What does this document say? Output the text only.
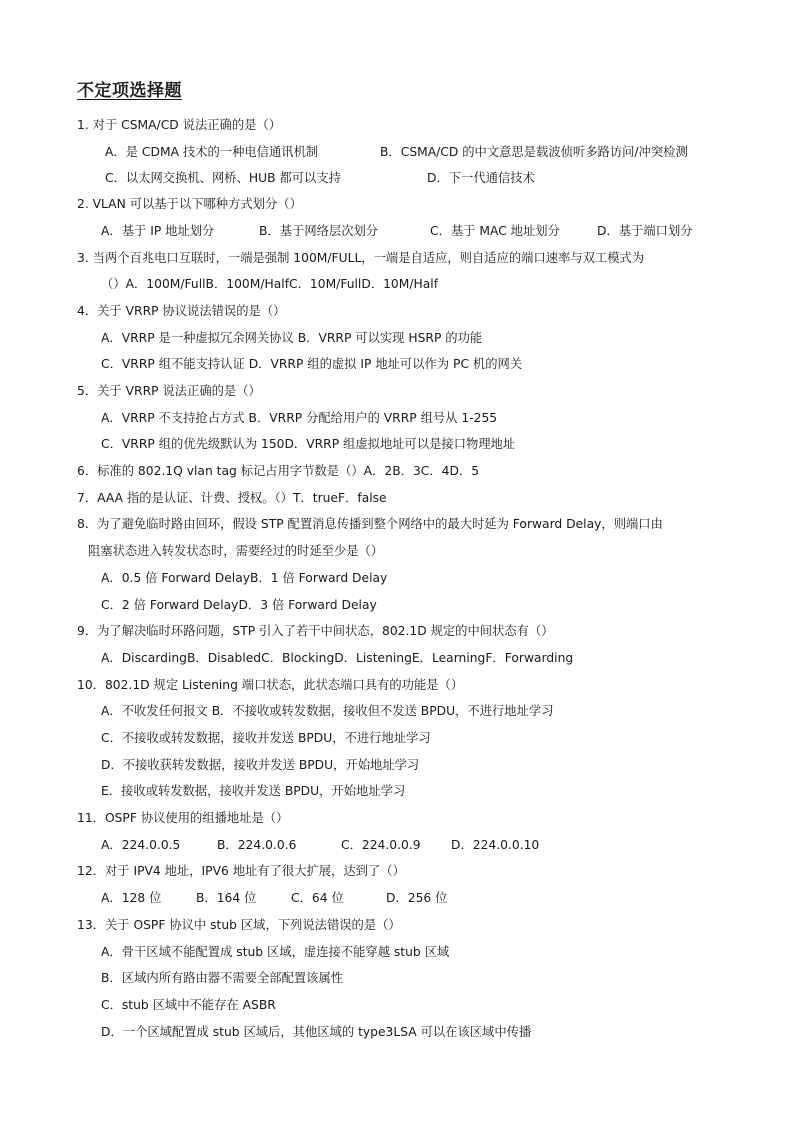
不定项选择题
1. 对于 CSMA/CD 说法正确的是（）
A．是 CDMA 技术的一种电信通讯机制	B．CSMA/CD 的中文意思是载波侦听多路访问/冲突检测
C．以太网交换机、网桥、HUB 都可以支持	D．下一代通信技术
2. VLAN 可以基于以下哪种方式划分（）
A．基于 IP 地址划分	B．基于网络层次划分	C．基于 MAC 地址划分	D．基于端口划分
3. 当两个百兆电口互联时，一端是强制 100M/FULL，一端是自适应，则自适应的端口速率与双工模式为
（）A．100M/FullB．100M/HalfC．10M/FullD．10M/Half
4．关于 VRRP 协议说法错误的是（）
A．VRRP 是一种虚拟冗余网关协议 B．VRRP 可以实现 HSRP 的功能
C．VRRP 组不能支持认证 D．VRRP 组的虚拟 IP 地址可以作为 PC 机的网关
5．关于 VRRP 说法正确的是（）
A．VRRP 不支持抢占方式 B．VRRP 分配给用户的 VRRP 组号从 1-255
C．VRRP 组的优先级默认为 150D．VRRP 组虚拟地址可以是接口物理地址
6．标准的 802.1Q vlan tag 标记占用字节数是（）A．2B．3C．4D．5
7．AAA 指的是认证、计费、授权。（）T．trueF．false
8．为了避免临时路由回环，假设 STP 配置消息传播到整个网络中的最大时延为 Forward Delay，则端口由
阻塞状态进入转发状态时，需要经过的时延至少是（）
A．0.5 倍 Forward DelayB．1 倍 Forward Delay
C．2 倍 Forward DelayD．3 倍 Forward Delay
9．为了解决临时环路问题，STP 引入了若干中间状态，802.1D 规定的中间状态有（）
A．DiscardingB．DisabledC．BlockingD．ListeningE．LearningF．Forwarding
10．802.1D 规定 Listening 端口状态，此状态端口具有的功能是（）
A．不收发任何报文 B．不接收或转发数据，接收但不发送 BPDU，不进行地址学习
C．不接收或转发数据，接收并发送 BPDU，不进行地址学习
D．不接收获转发数据，接收并发送 BPDU，开始地址学习
E．接收或转发数据，接收并发送 BPDU，开始地址学习
11．OSPF 协议使用的组播地址是（）
A．224.0.0.5	B．224.0.0.6	C．224.0.0.9 D．224.0.0.10
12．对于 IPV4 地址，IPV6 地址有了很大扩展，达到了（）
A．128 位	B．164 位	C．64 位	D．256 位
13．关于 OSPF 协议中 stub 区域，下列说法错误的是（）
A．骨干区域不能配置成 stub 区域，虚连接不能穿越 stub 区域
B．区域内所有路由器不需要全部配置该属性
C．stub 区域中不能存在 ASBR
D．一个区域配置成 stub 区域后，其他区域的 type3LSA 可以在该区域中传播
